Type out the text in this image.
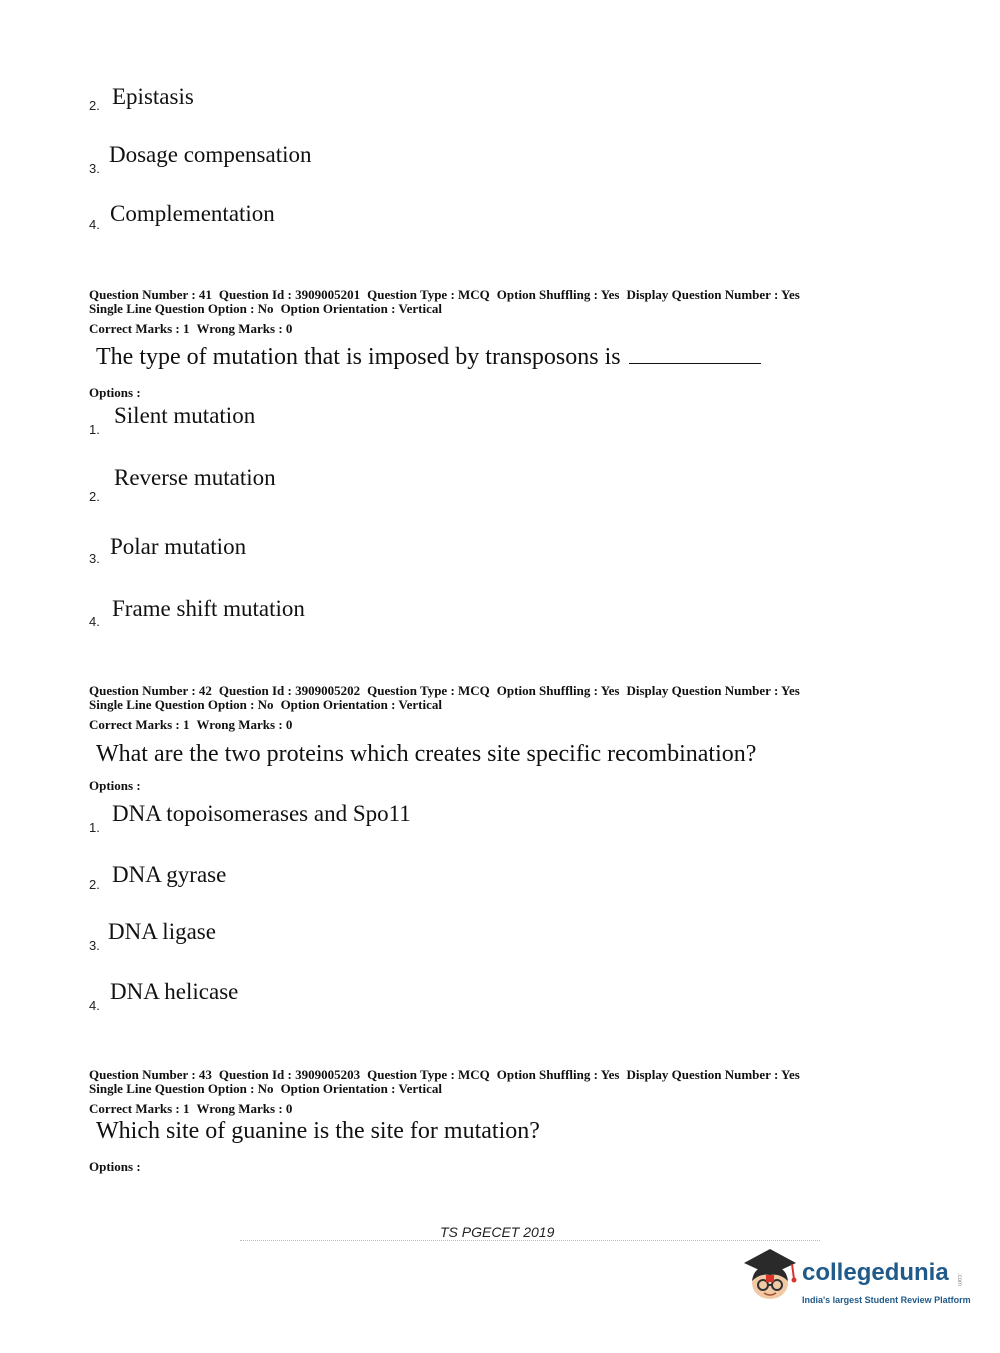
2. Epistasis
3.
Dosage compensation
4. Complementation
Question Number : 41 Question Id : 3909005201 Question Type : MCQ Option Shuffling : Yes Display Question Number : Yes
Single Line Question Option : No Option Orientation : Vertical
Correct Marks : 1 Wrong Marks : 0
The type of mutation that is imposed by transposons is
Options :
1.
Silent mutation
2.
Reverse mutation
3. Polar mutation
4.
Frame shift mutation
Question Number : 42 Question Id : 3909005202 Question Type : MCQ Option Shuffling : Yes Display Question Number : Yes
Single Line Question Option : No Option Orientation : Vertical
Correct Marks : 1 Wrong Marks : 0
What are the two proteins which creates site specific recombination?
Options :
1.
DNA topoisomerases and Spo11
2. DNA gyrase
3.
DNA ligase
4.
DNA helicase
Question Number : 43 Question Id : 3909005203 Question Type : MCQ Option Shuffling : Yes Display Question Number : Yes
Single Line Question Option : No Option Orientation : Vertical
Correct Marks : 1 Wrong Marks : 0
Which site of guanine is the site for mutation?
Options :
TS PGECET 2019
collegedunia .com
India's largest Student Review Platform
